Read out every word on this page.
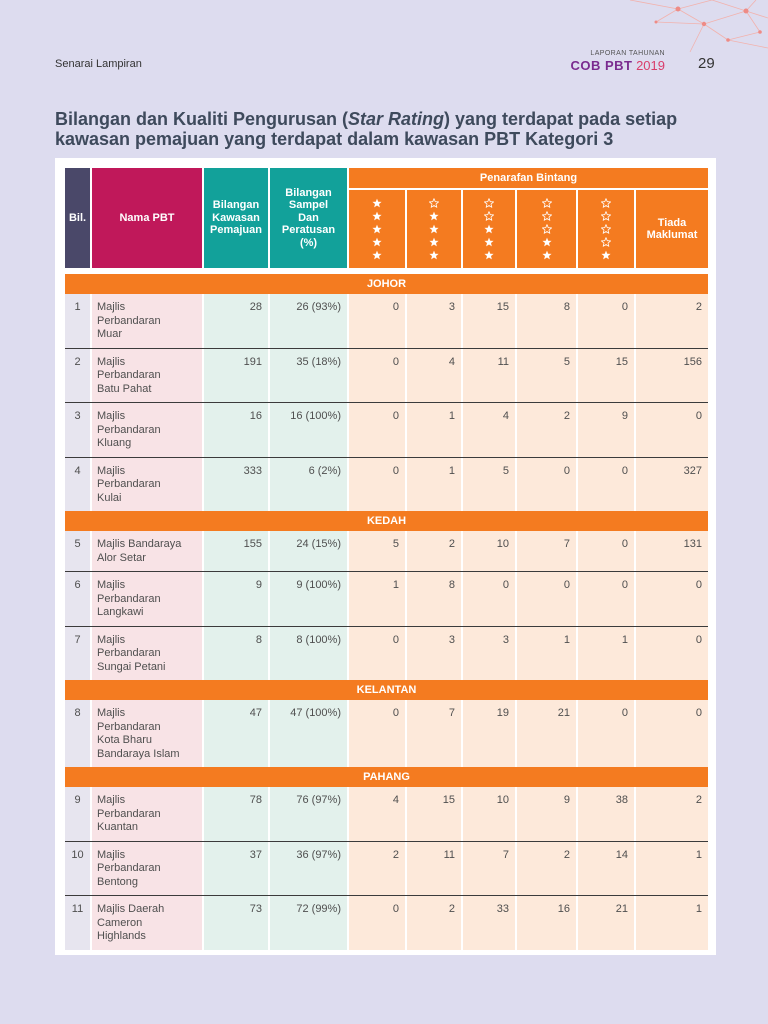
Senarai Lampiran
LAPORAN TAHUNAN
COB PBT 2019 29
Bilangan dan Kualiti Pengurusan (Star Rating) yang terdapat pada setiap
kawasan pemajuan yang terdapat dalam kawasan PBT Kategori 3
Bil.	Nama PBT
Bilangan
Kawasan
Pemajuan
Bilangan
Sampel
Dan
Peratusan
(%)
Penarafan Bintang
Tiada
Maklumat
JOHOR
1	Majlis
Perbandaran
Muar
28	26 (93%)	0	3	15	8	0	2
2	Majlis
Perbandaran
Batu Pahat
191	35 (18%)	0	4	11	5	15	156
3	Majlis
Perbandaran
Kluang
16	16 (100%)	0	1	4	2	9	0
4	Majlis
Perbandaran
Kulai
333	6 (2%)	0	1	5	0	0	327
KEDAH
5	Majlis Bandaraya
Alor Setar
155	24 (15%)	5	2	10	7	0	131
6	Majlis
Perbandaran
Langkawi
9	9 (100%)	1	8	0	0	0	0
7	Majlis
Perbandaran
Sungai Petani
8	8 (100%)	0	3	3	1	1	0
KELANTAN
8	Majlis
Perbandaran
Kota Bharu
Bandaraya Islam
47	47 (100%)	0	7	19	21	0	0
PAHANG
9	Majlis
Perbandaran
Kuantan
78	76 (97%)	4	15	10	9	38	2
10	Majlis
Perbandaran
Bentong
37	36 (97%)	2	11	7	2	14	1
11	Majlis Daerah
Cameron
Highlands
73	72 (99%)	0	2	33	16	21	1
